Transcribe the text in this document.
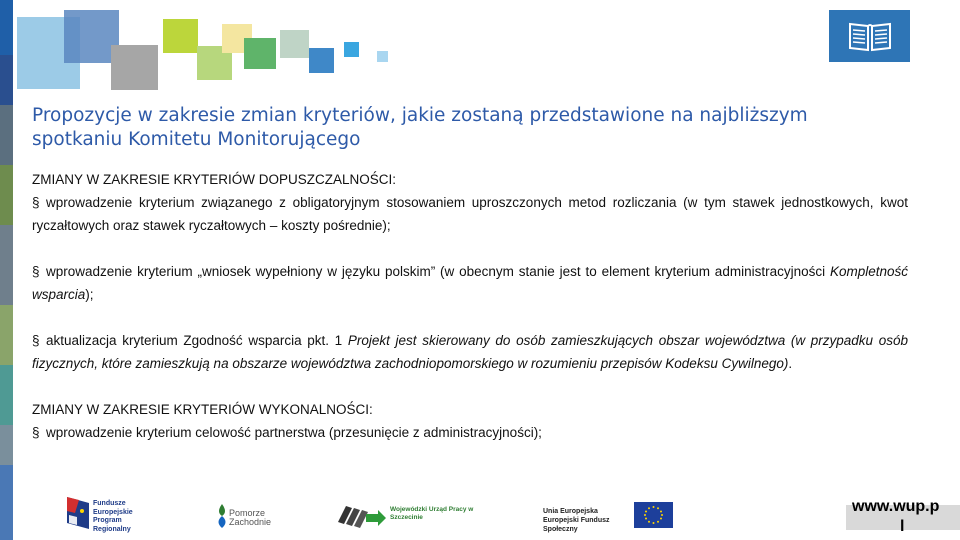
Propozycje w zakresie zmian kryteriów, jakie zostaną przedstawione na najbliższym spotkaniu Komitetu Monitorującego

ZMIANY W ZAKRESIE KRYTERIÓW DOPUSZCZALNOŚCI:

§ wprowadzenie kryterium związanego z obligatoryjnym stosowaniem uproszczonych metod rozliczania (w tym stawek jednostkowych, kwot ryczałtowych oraz stawek ryczałtowych – koszty pośrednie);

§ wprowadzenie kryterium „wniosek wypełniony w języku polskim” (w obecnym stanie jest to element kryterium administracyjności Kompletność wsparcia);

§ aktualizacja kryterium Zgodność wsparcia pkt. 1 Projekt jest skierowany do osób zamieszkujących obszar województwa (w przypadku osób fizycznych, które zamieszkują na obszarze województwa zachodniopomorskiego w rozumieniu przepisów Kodeksu Cywilnego).

ZMIANY W ZAKRESIE KRYTERIÓW WYKONALNOŚCI:

§ wprowadzenie kryterium celowość partnerstwa (przesunięcie z administracyjności);

Fundusze Europejskie Program Regionalny
Pomorze Zachodnie
Wojewódzki Urząd Pracy w Szczecinie
Unia Europejska Europejski Fundusz Społeczny
www.wup.p
l
